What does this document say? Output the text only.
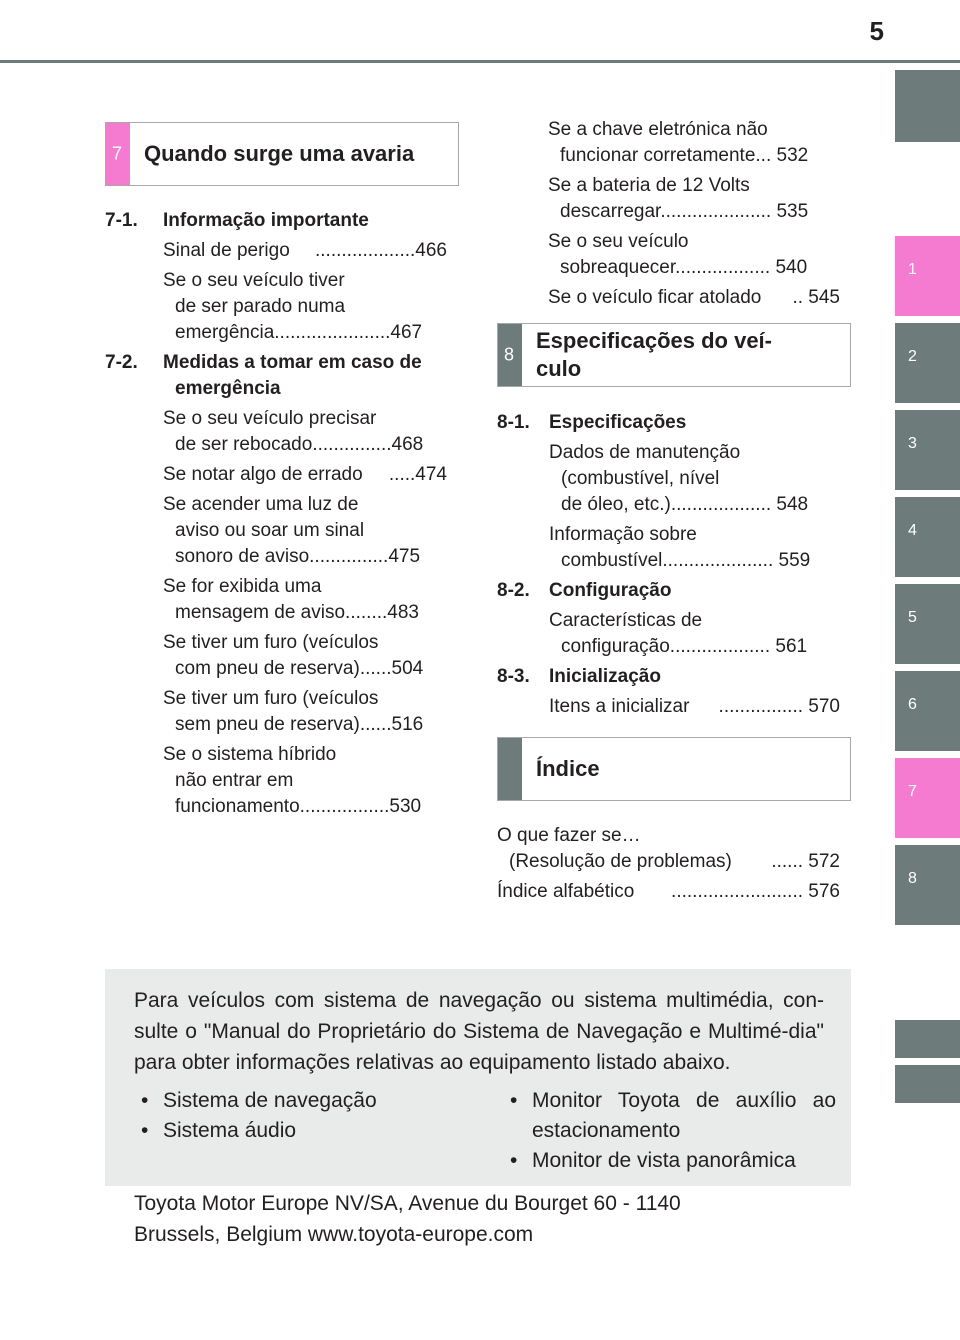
5
1
2
3
4
5
6
7
8
7 Quando surge uma avaria
7-1.	Informação importante
Sinal de perigo ...................466
Se o seu veículo tiver
de ser parado numa
emergência......................467
7-2.	Medidas a tomar em caso de
emergência
Se o seu veículo precisar
de ser rebocado...............468
Se notar algo de errado .....474
Se acender uma luz de
aviso ou soar um sinal
sonoro de aviso...............475
Se for exibida uma
mensagem de aviso........483
Se tiver um furo (veículos
com pneu de reserva)......504
Se tiver um furo (veículos
sem pneu de reserva)......516
Se o sistema híbrido
não entrar em
funcionamento.................530
Se a chave eletrónica não
funcionar corretamente... 532
Se a bateria de 12 Volts
descarregar..................... 535
Se o seu veículo
sobreaquecer.................. 540
Se o veículo ficar atolado .. 545
8
Especificações do veí-
culo
8-1.	Especificações
Dados de manutenção
(combustível, nível
de óleo, etc.)................... 548
Informação sobre
combustível..................... 559
8-2.	Configuração
Características de
configuração................... 561
8-3.	Inicialização
Itens a inicializar ................ 570
Índice
O que fazer se…
(Resolução de problemas) ...... 572
Índice alfabético ......................... 576
Para veículos com sistema de navegação ou sistema multimédia, con-sulte o "Manual do Proprietário do Sistema de Navegação e Multimé-dia" para obter informações relativas ao equipamento listado abaixo.
• Sistema de navegação
• Sistema áudio
• Monitor Toyota de auxílio ao estacionamento
• Monitor de vista panorâmica
Toyota Motor Europe NV/SA, Avenue du Bourget 60 - 1140
Brussels, Belgium www.toyota-europe.com
